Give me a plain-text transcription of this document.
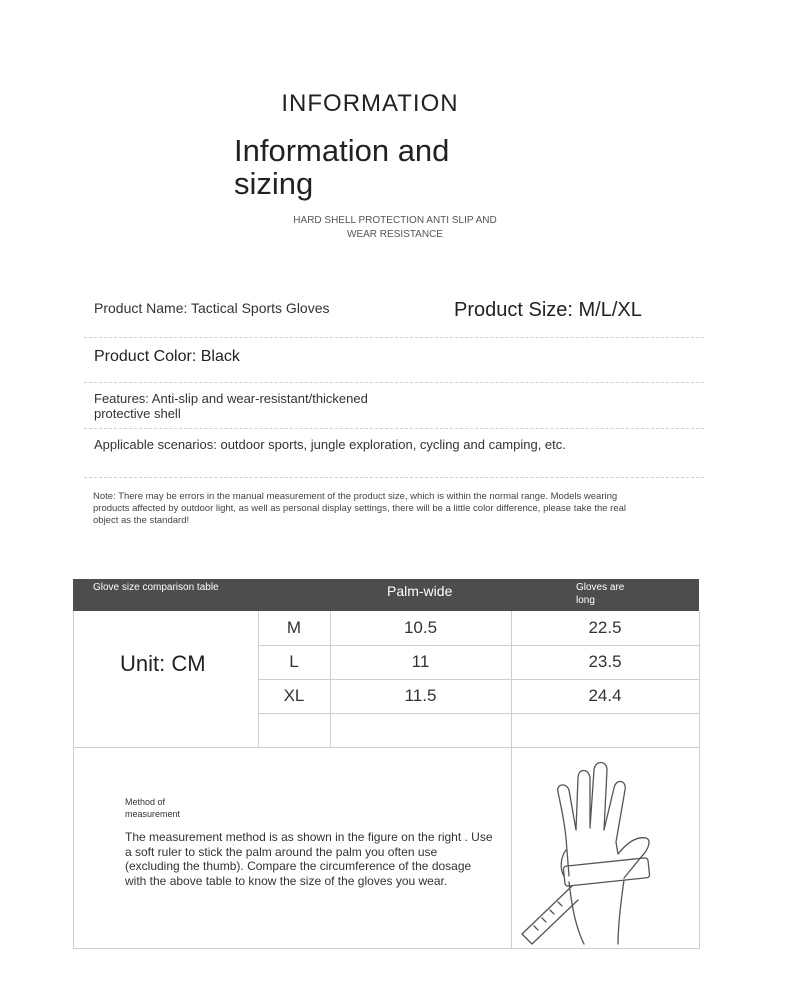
INFORMATION
Information and sizing
HARD SHELL PROTECTION ANTI SLIP AND WEAR RESISTANCE
Product Name: Tactical Sports Gloves	Product Size: M/L/XL
Product Color: Black
Features: Anti-slip and wear-resistant/thickened protective shell
Applicable scenarios: outdoor sports, jungle exploration, cycling and camping, etc.
Note: There may be errors in the manual measurement of the product size, which is within the normal range. Models wearing products affected by outdoor light, as well as personal display settings, there will be a little color difference, please take the real object as the standard!
Glove size comparison table	Palm-wide	Gloves are long
Unit: CM
M	10.5	22.5
L	11	23.5
XL	11.5	24.4
Method of measurement
The measurement method is as shown in the figure on the right . Use a soft ruler to stick the palm around the palm you often use (excluding the thumb). Compare the circumference of the dosage with the above table to know the size of the gloves you wear.
